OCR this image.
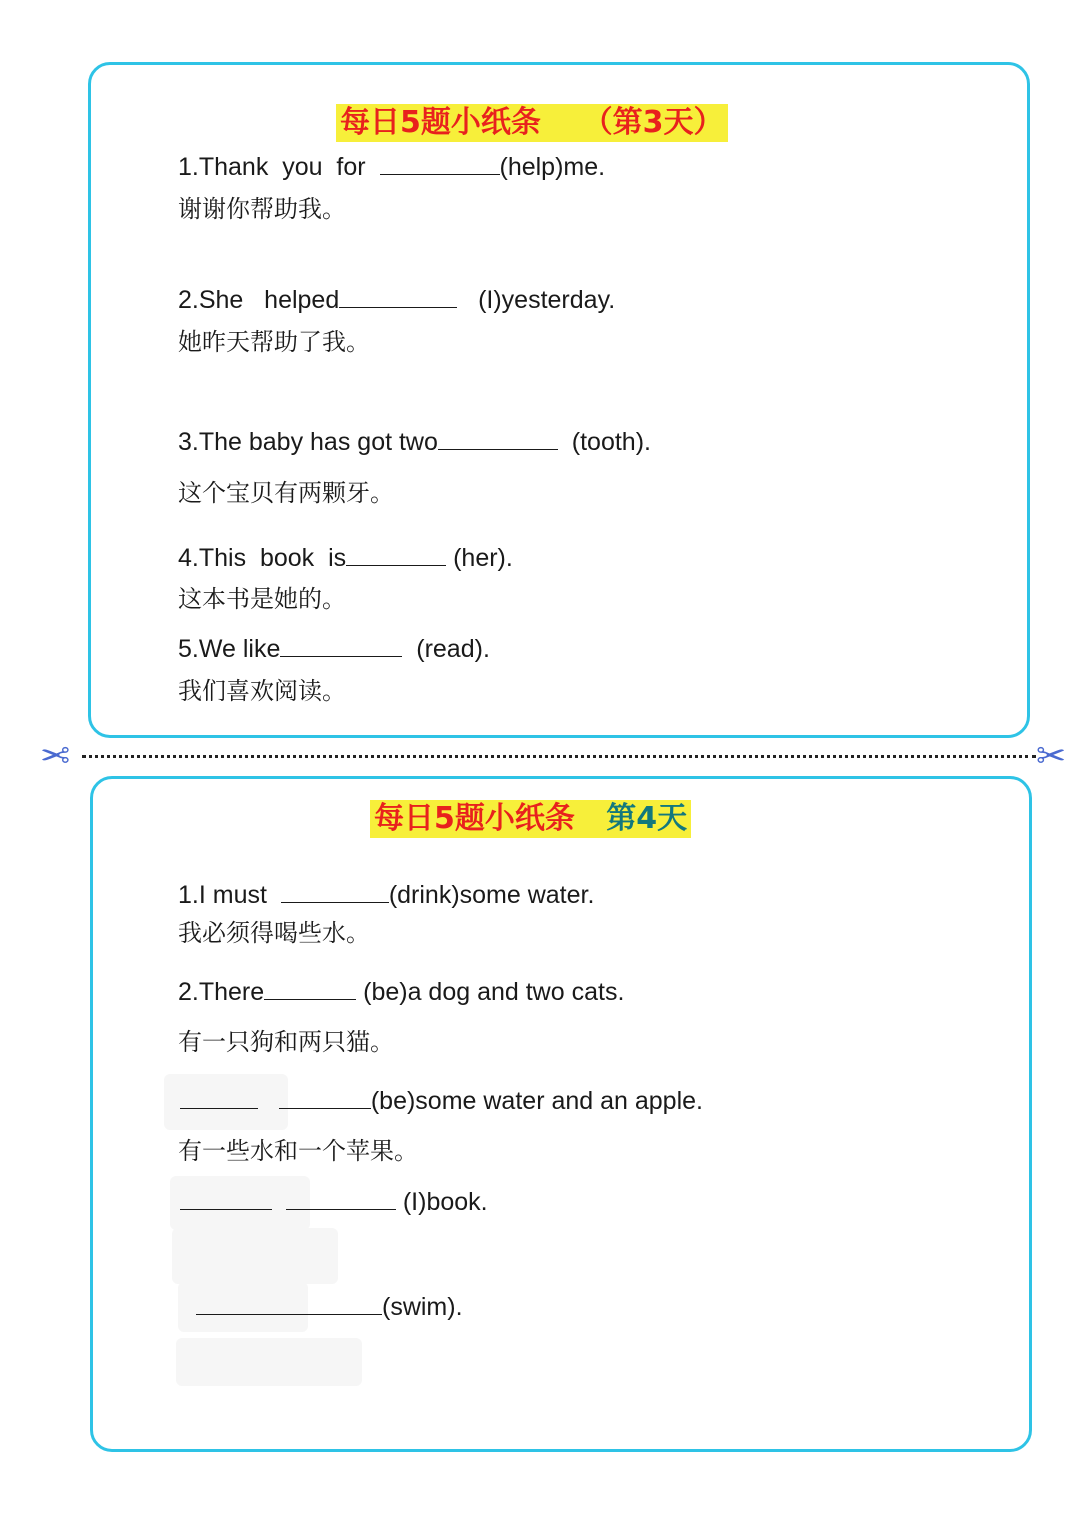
每日5题小纸条 （第3天）
1.Thank  you  for	(help)me.
谢谢你帮助我。
2.She   helped	(I)yesterday.
她昨天帮助了我。
3.The baby has got two	(tooth).
这个宝贝有两颗牙。
4.This  book  is	(her).
这本书是她的。
5.We like	(read).
我们喜欢阅读。
✂	✂
每日5题小纸条 第4天
1.I must	(drink)some water.
我必须得喝些水。
2.There	(be)a dog and two cats.
有一只狗和两只猫。
(be)some water and an apple.
有一些水和一个苹果。
(I)book.
(swim).
